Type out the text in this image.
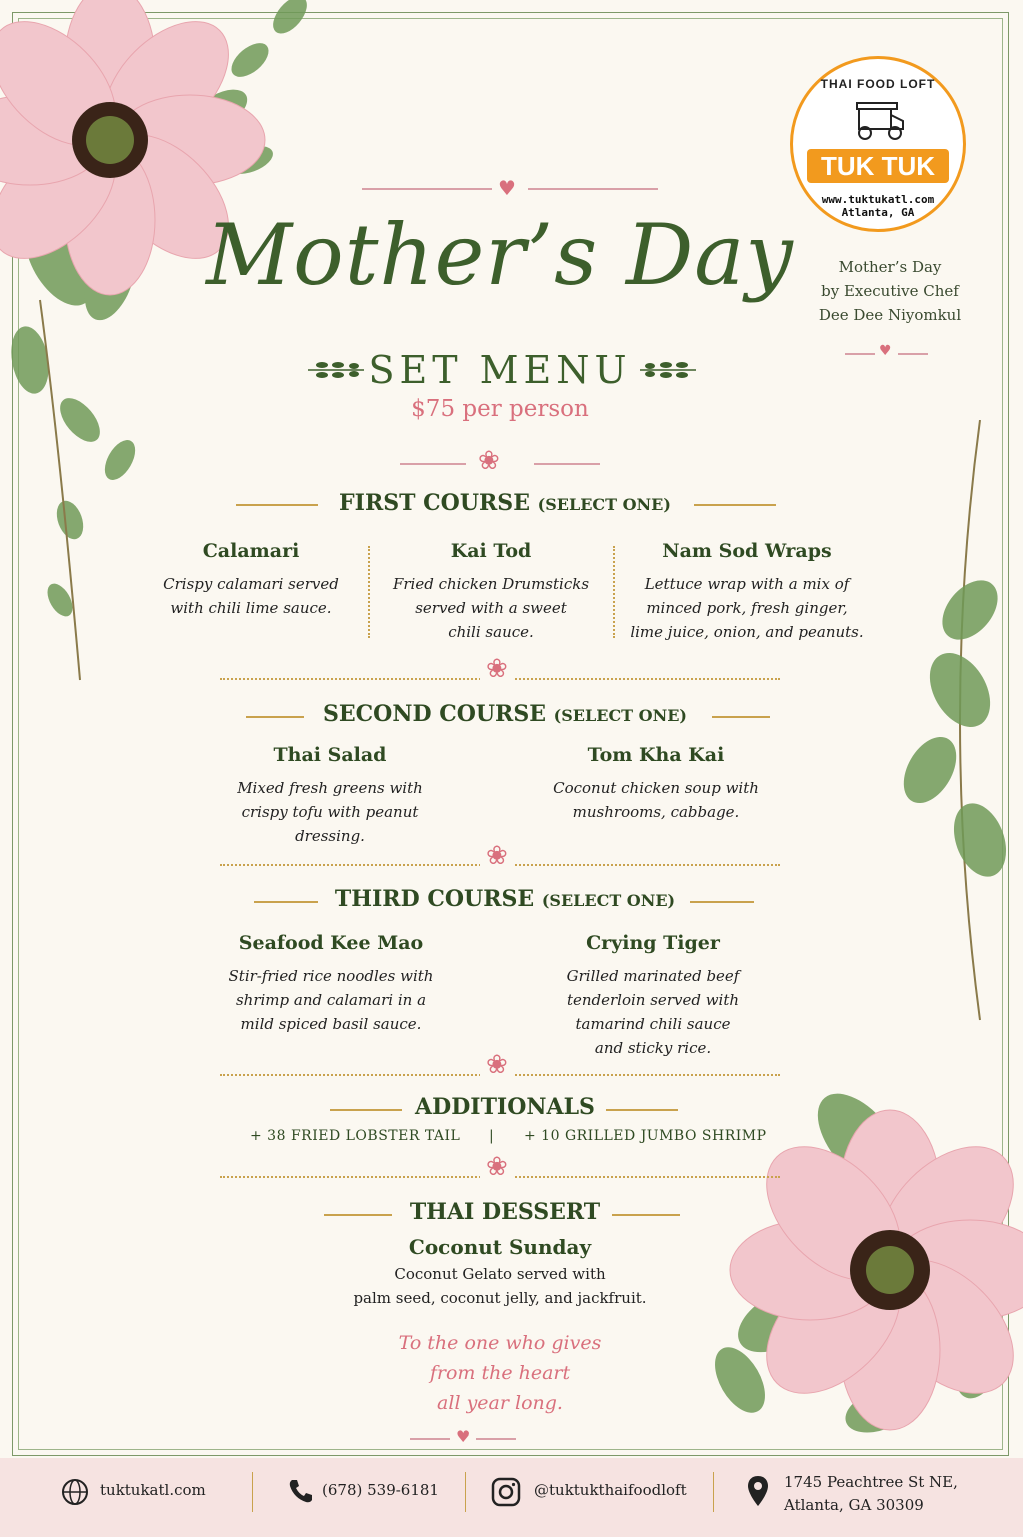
THAI FOOD LOFT
TUK TUK
www.tuktukatl.com
Atlanta, GA
♥
Mother’s Day
SET MENU
$75 per person
Mother’s Day
by Executive Chef
Dee Dee Niyomkul
♥
❀
FIRST COURSE (SELECT ONE)
Calamari
Crispy calamari served
with chili lime sauce.
Kai Tod
Fried chicken Drumsticks
served with a sweet
chili sauce.
Nam Sod Wraps
Lettuce wrap with a mix of
minced pork, fresh ginger,
lime juice, onion, and peanuts.
❀
SECOND COURSE (SELECT ONE)
Thai Salad
Mixed fresh greens with
crispy tofu with peanut
dressing.
Tom Kha Kai
Coconut chicken soup with
mushrooms, cabbage.
❀
THIRD COURSE (SELECT ONE)
Seafood Kee Mao
Stir-fried rice noodles with
shrimp and calamari in a
mild spiced basil sauce.
Crying Tiger
Grilled marinated beef
tenderloin served with
tamarind chili sauce
and sticky rice.
❀
ADDITIONALS
+ 38 FRIED LOBSTER TAIL | + 10 GRILLED JUMBO SHRIMP
❀
THAI DESSERT
Coconut Sunday
Coconut Gelato served with
palm seed, coconut jelly, and jackfruit.
To the one who gives
from the heart
all year long.
♥
tuktukatl.com	(678) 539-6181	@tuktukthaifoodloft	1745 Peachtree St NE,
Atlanta, GA 30309
